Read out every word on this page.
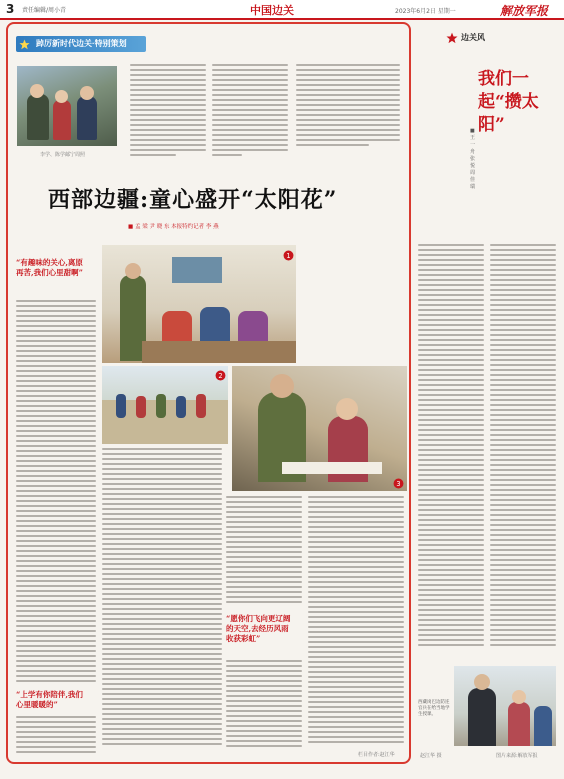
3 责任编辑/周小青	中国边关	2023年6月2日 星期一	解放军报
踔厉新时代边关·特别策划
李学、陈学邮宁周照
西部边疆:童心盛开“太阳花”
■ 孟 梁 尹 晓 东 本报特约记者 李 燕
“有趣味的关心,离原再苦,我们心里甜啊”
“上学有你陪伴,我们心里暖暖的”
1
2
3
“愿你们飞向更辽阔的天空,去经历风雨收获彩虹”
栏目作者:赵江华
边关风
我们一起“攒太阳”
■ 王 一 舟 张 悦 周 佳 瑞
西藏岗巴边防连官兵在给当地学生授课。
赵江华 摄	图片来源:解放军报
